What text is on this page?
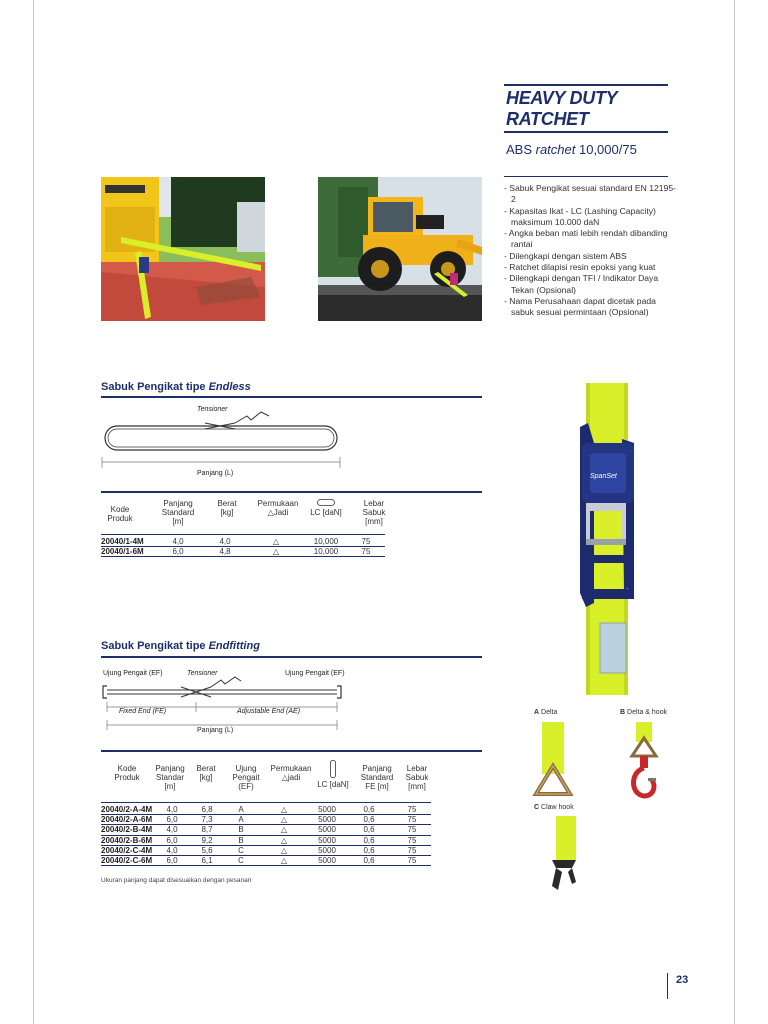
HEAVY DUTY
RATCHET
ABS ratchet 10,000/75
- Sabuk Pengikat sesuai standard EN 12195-2
- Kapasitas Ikat - LC (Lashing Capacity) maksimum 10.000 daN
- Angka beban mati lebih rendah dibanding rantai
- Dilengkapi dengan sistem ABS
- Ratchet dilapisi resin epoksi yang kuat
- Dilengkapi dengan TFI / Indikator Daya Tekan (Opsional)
- Nama Perusahaan dapat dicetak pada sabuk sesuai permintaan (Opsional)
Sabuk Pengikat tipe Endless
Tensioner
Panjang (L)
Kode
Produk
Panjang
Standard
[m]
Berat
[kg]
Permukaan
△Jadi	LC [daN]
Lebar
Sabuk
[mm]
20040/1-4M	4,0	4,0	△	10,000	75
20040/1-6M	6,0	4,8	△	10,000	75
Sabuk Pengikat tipe Endfitting
Ujung Pengait (EF)	Tensioner	Ujung Pengait (EF)
Fixed End (FE)	Adjustable End (AE)
Panjang (L)
Kode
Produk
Panjang
Standar
[m]
Berat
[kg]
Ujung
Pengait
(EF)
Permukaan
△jadi

LC [daN]
Panjang
Standard
FE [m]
Lebar
Sabuk
[mm]
20040/2-A-4M	4,0	6,8	A	△	5000	0,6	75
20040/2-A-6M	6,0	7,3	A	△	5000	0,6	75
20040/2-B-4M	4,0	8,7	B	△	5000	0,6	75
20040/2-B-6M	6,0	9,2	B	△	5000	0,6	75
20040/2-C-4M	4,0	5,6	C	△	5000	0,6	75
20040/2-C-6M	6,0	6,1	C	△	5000	0,6	75
Ukuran panjang dapat disesuaikan dengan pesanan
SpanSet
A Delta	B Delta & hook
C Claw hook
23
